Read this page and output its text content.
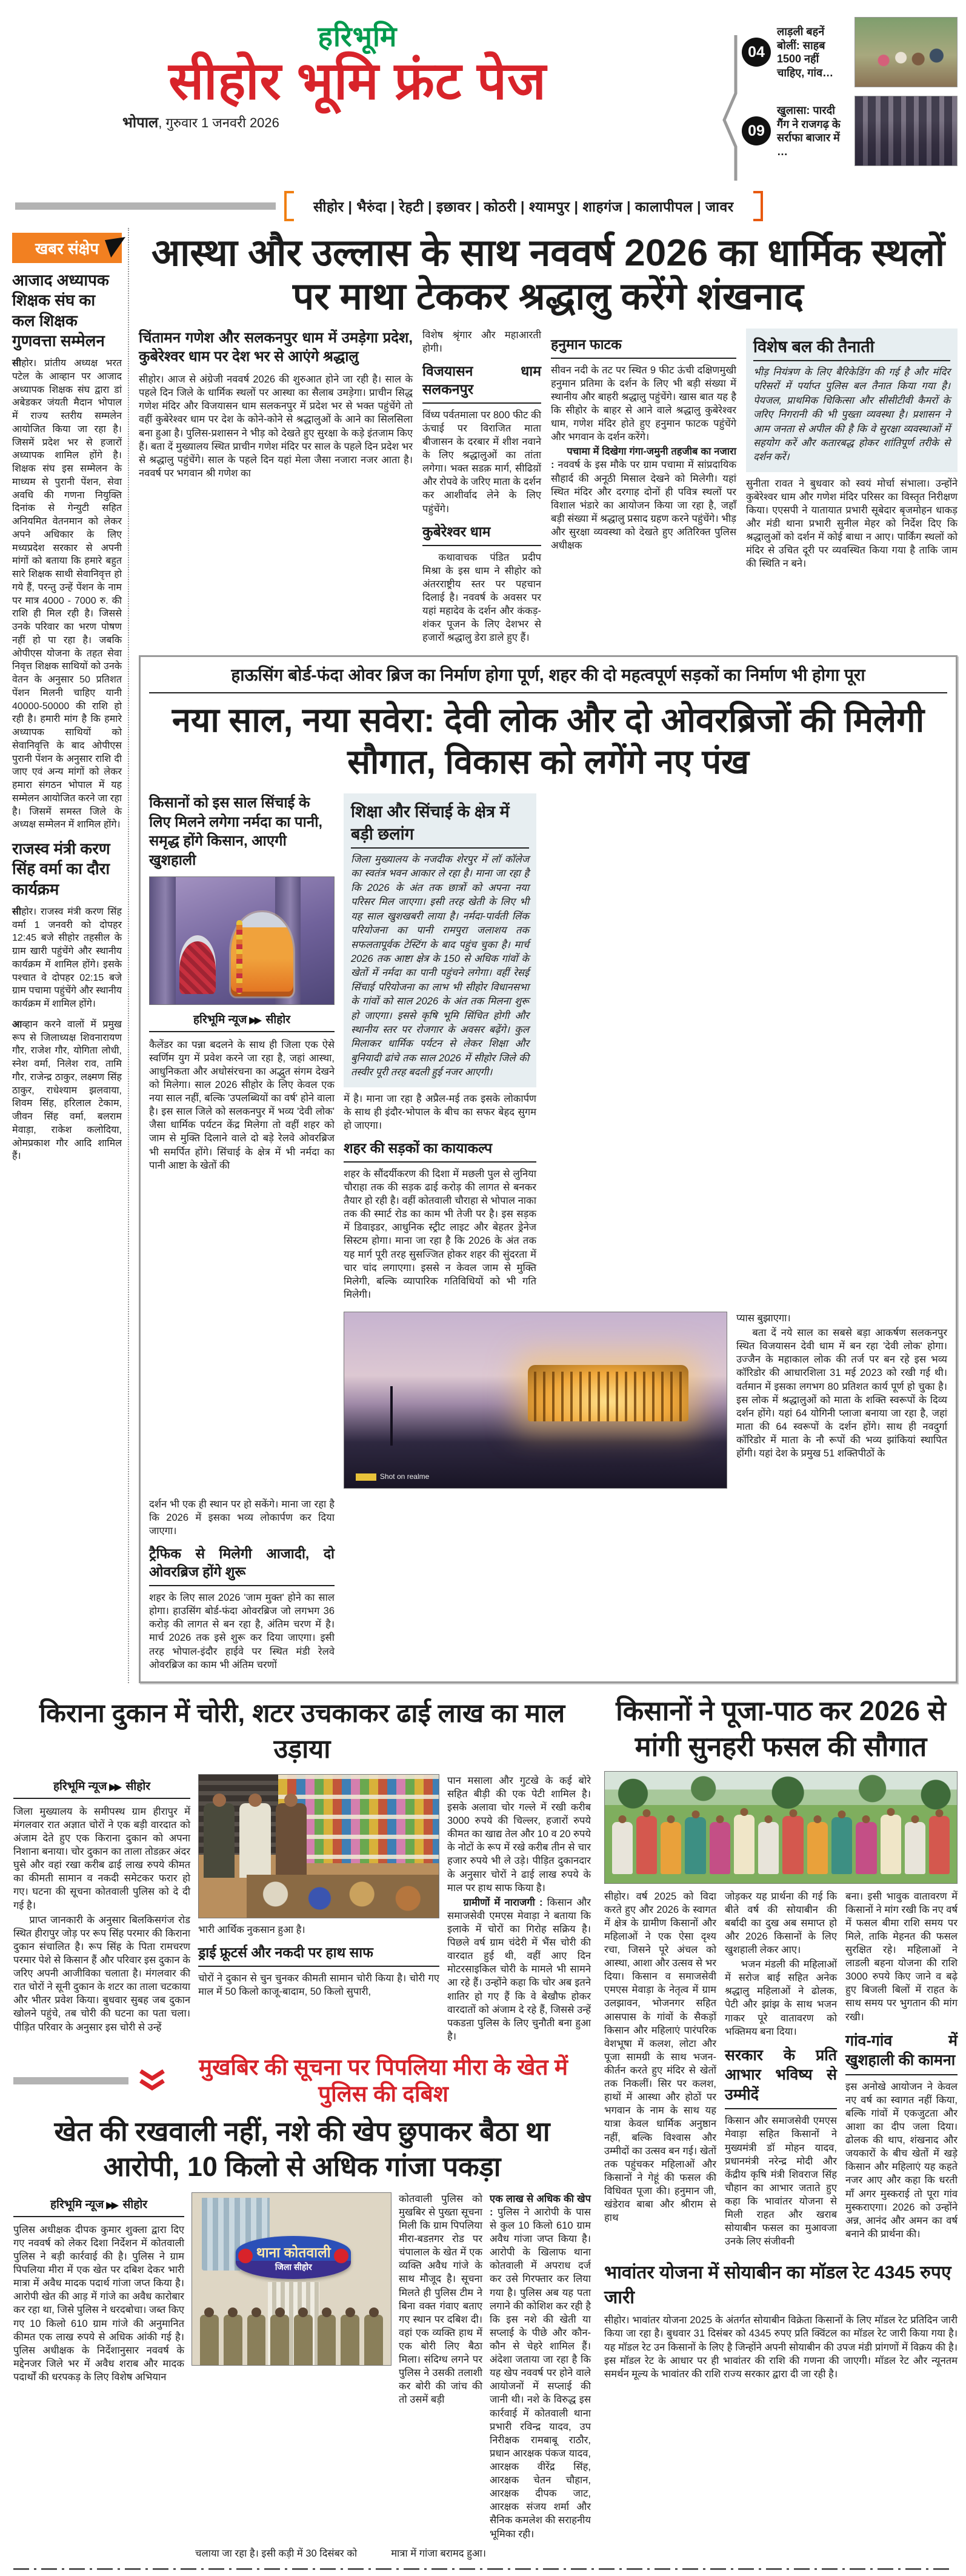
हरिभूमि
सीहोर भूमि फ्रंट पेज
भोपाल, गुरुवार 1 जनवरी 2026
04
लाड़ली बहनें बोलीं: साहब 1500 नहीं चाहिए, गांव…
09
खुलासा: पारदी गैंग ने राजगढ़ के सर्राफा बाजार में …
सीहोर | भैरुंदा | रेहटी | इछावर | कोठरी | श्यामपुर | शाहगंज | कालापीपल | जावर
खबर संक्षेप
आजाद अध्यापक शिक्षक संघ का कल शिक्षक गुणवत्ता सम्मेलन
सीहोर। प्रांतीय अध्यक्ष भरत पटेल के आव्हान पर आजाद अध्यापक शिक्षक संघ द्वारा डां अबेडकर जंयती मैदान भोपाल में राज्य स्तरीय सम्मलेन आयोजित किया जा रहा है। जिसमें प्रदेश भर से हजारों अध्यापक शामिल होंगे है। शिक्षक संघ इस सम्मेलन के माध्यम से पुरानी पेंशन, सेवा अवधि की गणना नियुक्ति दिनांक से गेन्युटी सहित अनियमित वेतनमान को लेकर अपने अधिकार के लिए मध्यप्रदेश सरकार से अपनी मांगों को बताया कि हमारे बहुत सारे शिक्षक साथी सेवानिवृत्त हो गये हैं, परन्तु उन्हें पेंशन के नाम पर मात्र 4000 - 7000 रु. की राशि ही मिल रही है। जिससे उनके परिवार का भरण पोषण नहीं हो पा रहा है। जबकि ओपीएस योजना के तहत सेवा निवृत्त शिक्षक साथियों को उनके वेतन के अनुसार 50 प्रतिशत पेंशन मिलनी चाहिए यानी 40000-50000 की राशि हो रही है। हमारी मांग है कि हमारे अध्यापक साथियों को सेवानिवृत्ति के बाद ओपीएस पुरानी पेंशन के अनुसार राशि दी जाए एवं अन्य मांगों को लेकर हमारा संगठन भोपाल में यह सम्मेलन आयोजित करने जा रहा है। जिसमें समस्त जिले के अध्यक्ष सम्मेलन में शामिल होंगे।
राजस्व मंत्री करण सिंह वर्मा का दौरा कार्यक्रम
सीहोर। राजस्व मंत्री करण सिंह वर्मा 1 जनवरी को दोपहर 12:45 बजे सीहोर तहसील के ग्राम खारी पहुंचेंगे और स्थानीय कार्यक्रम में शामिल होंगे। इसके पश्चात वे दोपहर 02:15 बजे ग्राम पचामा पहुंचेंगे और स्थानीय कार्यक्रम में शामिल होंगे।
आव्हान करने वालों में प्रमुख रूप से जिलाध्यक्ष शिवनारायण गौर, राजेश गौर, योगिता लोधी, स्नेश वर्मा, निलेश राव, तामि गौर, राजेन्द्र ठाकुर, लक्ष्मण सिंह ठाकुर, राधेश्याम झलवाया, शिवम सिंह, हरिलाल टेकाम, जीवन सिंह वर्मा, बलराम मेवाड़ा, राकेश कलोदिया, ओमप्रकाश गौर आदि शामिल हैं।
आस्था और उल्लास के साथ नववर्ष 2026 का धार्मिक स्थलों पर माथा टेककर श्रद्धालु करेंगे शंखनाद
चिंतामन गणेश और सलकनपुर धाम में उमड़ेगा प्रदेश, कुबेरेश्वर धाम पर देश भर से आएंगे श्रद्धालु

सीहोर। आज से अंग्रेजी नववर्ष 2026 की शुरुआत होने जा रही है। साल के पहले दिन जिले के धार्मिक स्थलों पर आस्था का सैलाब उमड़ेगा। प्राचीन सिद्ध गणेश मंदिर और विजयासन धाम सलकनपुर में प्रदेश भर से भक्त पहुंचेंगे तो वहीं कुबेरेश्वर धाम पर देश के कोने-कोने से श्रद्धालुओं के आने का सिलसिला बना हुआ है। पुलिस-प्रशासन ने भीड़ को देखते हुए सुरक्षा के कड़े इंतजाम किए हैं। बता दें मुख्यालय स्थित प्राचीन गणेश मंदिर पर साल के पहले दिन प्रदेश भर से श्रद्धालु पहुंचेंगे। साल के पहले दिन यहां मेला जैसा नजारा नजर आता है। नववर्ष पर भगवान श्री गणेश का

विशेष श्रृंगार और महाआरती होगी।

विजयासन धाम सलकनपुर

विंध्य पर्वतमाला पर 800 फीट की ऊंचाई पर विराजित माता बीजासन के दरबार में शीश नवाने के लिए श्रद्धालुओं का तांता लगेगा। भक्त सडक़ मार्ग, सीढिय़ों और रोपवे के जरिए माता के दर्शन कर आशीर्वाद लेने के लिए पहुंचेंगे।

कुबेरेश्वर धाम

कथावाचक पंडित प्रदीप मिश्रा के इस धाम ने सीहोर को अंतरराष्ट्रीय स्तर पर पहचान दिलाई है। नववर्ष के अवसर पर यहां महादेव के दर्शन और कंकड़-शंकर पूजन के लिए देशभर से हजारों श्रद्धालु डेरा डाले हुए हैं।

हनुमान फाटक

सीवन नदी के तट पर स्थित 9 फीट ऊंची दक्षिणमुखी हनुमान प्रतिमा के दर्शन के लिए भी बड़ी संख्या में स्थानीय और बाहरी श्रद्धालु पहुंचेंगे। खास बात यह है कि सीहोर के बाहर से आने वाले श्रद्धालु कुबेरेश्वर धाम, गणेश मंदिर होते हुए हनुमान फाटक पहुंचेंगे और भगवान के दर्शन करेंगे।

पचामा में दिखेगा गंगा-जमुनी तहजीब का नजारा : नववर्ष के इस मौके पर ग्राम पचामा में सांप्रदायिक सौहार्द की अनूठी मिसाल देखने को मिलेगी। यहां स्थित मंदिर और दरगाह दोनों ही पवित्र स्थलों पर विशाल भंडारे का आयोजन किया जा रहा है, जहाँ बड़ी संख्या में श्रद्धालु प्रसाद ग्रहण करने पहुंचेंगे। भीड़ और सुरक्षा व्यवस्था को देखते हुए अतिरिक्त पुलिस अधीक्षक

विशेष बल की तैनाती
भीड़ नियंत्रण के लिए बैरिकेडिंग की गई है और मंदिर परिसरों में पर्याप्त पुलिस बल तैनात किया गया है। पेयजल, प्राथमिक चिकित्सा और सीसीटीवी कैमरों के जरिए निगरानी की भी पुख्ता व्यवस्था है। प्रशासन ने आम जनता से अपील की है कि वे सुरक्षा व्यवस्थाओं में सहयोग करें और कतारबद्ध होकर शांतिपूर्ण तरीके से दर्शन करें।

सुनीता रावत ने बुधवार को स्वयं मोर्चा संभाला। उन्होंने कुबेरेश्वर धाम और गणेश मंदिर परिसर का विस्तृत निरीक्षण किया। एएसपी ने यातायात प्रभारी सूबेदार बृजमोहन धाकड़ और मंडी थाना प्रभारी सुनील मेहर को निर्देश दिए कि श्रद्धालुओं को दर्शन में कोई बाधा न आए। पार्किंग स्थलों को मंदिर से उचित दूरी पर व्यवस्थित किया गया है ताकि जाम की स्थिति न बने।

हाऊसिंग बोर्ड-फंदा ओवर ब्रिज का निर्माण होगा पूर्ण, शहर की दो महत्वपूर्ण सड़कों का निर्माण भी होगा पूरा
नया साल, नया सवेरा: देवी लोक और दो ओवरब्रिजों की मिलेगी सौगात, विकास को लगेंगे नए पंख
किसानों को इस साल सिंचाई के लिए मिलने लगेगा नर्मदा का पानी, समृद्ध होंगे किसान, आएगी खुशहाली
हरिभूमि न्यूज ▶▶ सीहोर

कैलेंडर का पन्ना बदलने के साथ ही जिला एक ऐसे स्वर्णिम युग में प्रवेश करने जा रहा है, जहां आस्था, आधुनिकता और अधोसंरचना का अद्भुत संगम देखने को मिलेगा। साल 2026 सीहोर के लिए केवल एक नया साल नहीं, बल्कि 'उपलब्धियों का वर्ष' होने वाला है। इस साल जिले को सलकनपुर में भव्य 'देवी लोक' जैसा धार्मिक पर्यटन केंद्र मिलेगा तो वहीं शहर को जाम से मुक्ति दिलाने वाले दो बड़े रेलवे ओवरब्रिज भी समर्पित होंगे। सिंचाई के क्षेत्र में भी नर्मदा का पानी आष्टा के खेतों की

Shot on realme

प्यास बुझाएगा।

बता दें नये साल का सबसे बड़ा आकर्षण सलकनपुर स्थित विजयासन देवी धाम में बन रहा 'देवी लोक' होगा। उज्जैन के महाकाल लोक की तर्ज पर बन रहे इस भव्य कॉरिडोर की आधारशिला 31 मई 2023 को रखी गई थी। वर्तमान में इसका लगभग 80 प्रतिशत कार्य पूर्ण हो चुका है। इस लोक में श्रद्धालुओं को माता के शक्ति स्वरूपों के दिव्य दर्शन होंगे। यहां 64 योगिनी प्लाजा बनाया जा रहा है, जहां माता की 64 स्वरूपों के दर्शन होंगे। साथ ही नवदुर्गा कॉरिडोर में माता के नौ रूपों की भव्य झांकियां स्थापित होंगी। यहां देश के प्रमुख 51 शक्तिपीठों के

दर्शन भी एक ही स्थान पर हो सकेंगे। माना जा रहा है कि 2026 में इसका भव्य लोकार्पण कर दिया जाएगा।

ट्रैफिक से मिलेगी आजादी, दो ओवरब्रिज होंगे शुरू

शहर के लिए साल 2026 'जाम मुक्त' होने का साल होगा। हाउसिंग बोर्ड-फंदा ओवरब्रिज जो लगभग 36 करोड़ की लागत से बन रहा है, अंतिम चरण में है। मार्च 2026 तक इसे शुरू कर दिया जाएगा। इसी तरह भोपाल-इंदौर हाईवे पर स्थित मंडी रेलवे ओवरब्रिज का काम भी अंतिम चरणों

शिक्षा और सिंचाई के क्षेत्र में बड़ी छलांग
जिला मुख्यालय के नजदीक शेरपुर में लॉ कॉलेज का स्वतंत्र भवन आकार ले रहा है। माना जा रहा है कि 2026 के अंत तक छात्रों को अपना नया परिसर मिल जाएगा। इसी तरह खेती के लिए भी यह साल खुशखबरी लाया है। नर्मदा-पार्वती लिंक परियोजना का पानी रामपुरा जलाशय तक सफलतापूर्वक टेस्टिंग के बाद पहुंच चुका है। मार्च 2026 तक आष्टा क्षेत्र के 150 से अधिक गांवों के खेतों में नर्मदा का पानी पहुंचने लगेगा। वहीं रेसई सिंचाई परियोजना का लाभ भी सीहोर विधानसभा के गांवों को साल 2026 के अंत तक मिलना शुरू हो जाएगा। इससे कृषि भूमि सिंचित होगी और स्थानीय स्तर पर रोजगार के अवसर बढ़ेंगे। कुल मिलाकर धार्मिक पर्यटन से लेकर शिक्षा और बुनियादी ढांचे तक साल 2026 में सीहोर जिले की तस्वीर पूरी तरह बदली हुई नजर आएगी।

में है। माना जा रहा है अप्रैल-मई तक इसके लोकार्पण के साथ ही इंदौर-भोपाल के बीच का सफर बेहद सुगम हो जाएगा।

शहर की सड़कों का कायाकल्प

शहर के सौंदर्यीकरण की दिशा में मछली पुल से लुनिया चौराहा तक की सड़क ढाई करोड़ की लागत से बनकर तैयार हो रही है। वहीं कोतवाली चौराहा से भोपाल नाका तक की स्मार्ट रोड का काम भी तेजी पर है। इस सड़क में डिवाइडर, आधुनिक स्ट्रीट लाइट और बेहतर ड्रेनेज सिस्टम होगा। माना जा रहा है कि 2026 के अंत तक यह मार्ग पूरी तरह सुसज्जित होकर शहर की सुंदरता में चार चांद लगाएगा। इससे न केवल जाम से मुक्ति मिलेगी, बल्कि व्यापारिक गतिविधियों को भी गति मिलेगी।

किराना दुकान में चोरी, शटर उचकाकर ढाई लाख का माल उड़ाया
हरिभूमि न्यूज ▶▶ सीहोर

जिला मुख्यालय के समीपस्थ ग्राम हीरापुर में मंगलवार रात अज्ञात चोरों ने एक बड़ी वारदात को अंजाम देते हुए एक किराना दुकान को अपना निशाना बनाया। चोर दुकान का ताला तोडक़र अंदर घुसे और वहां रखा करीब ढाई लाख रुपये कीमत का कीमती सामान व नकदी समेटकर फरार हो गए। घटना की सूचना कोतवाली पुलिस को दे दी गई है।

प्राप्त जानकारी के अनुसार बिलकिसगंज रोड स्थित हीरापुर जोड़ पर रूप सिंह परमार की किराना दुकान संचालित है। रूप सिंह के पिता रामचरण परमार पेशे से किसान हैं और परिवार इस दुकान के जरिए अपनी आजीविका चलाता है। मंगलवार की रात चोरों ने सूनी दुकान के शटर का ताला चटकाया और भीतर प्रवेश किया। बुधवार सुबह जब दुकान खोलने पहुंचे, तब चोरी की घटना का पता चला। पीड़ित परिवार के अनुसार इस चोरी से उन्हें

भारी आर्थिक नुकसान हुआ है।

ड्राई फ्रूटर्स और नकदी पर हाथ साफ

चोरों ने दुकान से चुन चुनकर कीमती सामान चोरी किया है। चोरी गए माल में 50 किलो काजू-बादाम, 50 किलो सुपारी,

पान मसाला और गुटखे के कई बोरे सहित बीड़ी की एक पेटी शामिल है। इसके अलावा चोर गल्ले में रखी करीब 3000 रुपये की चिल्लर, हजारों रुपये कीमत का खाद्य तेल और 10 व 20 रुपये के नोटों के रूप में रखे करीब तीन से चार हजार रुपये भी ले उड़े। पीड़ित दुकानदार के अनुसार चोरों ने ढाई लाख रुपये के माल पर हाथ साफ किया है।

ग्रामीणों में नाराजगी : किसान और समाजसेवी एमएस मेवाड़ा ने बताया कि इलाके में चोरों का गिरोह सक्रिय है। पिछले वर्ष ग्राम चंदेरी में भैंस चोरी की वारदात हुई थी, वहीं आए दिन मोटरसाइकिल चोरी के मामले भी सामने आ रहे हैं। उन्होंने कहा कि चोर अब इतने शातिर हो गए हैं कि वे बेखौफ होकर वारदातों को अंजाम दे रहे हैं, जिससे उन्हें पकडऩा पुलिस के लिए चुनौती बना हुआ है।

मुखबिर की सूचना पर पिपलिया मीरा के खेत में पुलिस की दबिश
खेत की रखवाली नहीं, नशे की खेप छुपाकर बैठा था आरोपी, 10 किलो से अधिक गांजा पकड़ा
हरिभूमि न्यूज ▶▶ सीहोर

पुलिस अधीक्षक दीपक कुमार शुक्ला द्वारा दिए गए नववर्ष को लेकर दिशा निर्देशन में कोतवाली पुलिस ने बड़ी कार्रवाई की है। पुलिस ने ग्राम पिपलिया मीरा में एक खेत पर दबिश देकर भारी मात्रा में अवैध मादक पदार्थ गांजा जप्त किया है। आरोपी खेत की आड़ में गांजे का अवैध कारोबार कर रहा था, जिसे पुलिस ने धरदबोचा। जब्त किए गए 10 किलो 610 ग्राम गांजे की अनुमानित कीमत एक लाख रुपये से अधिक आंकी गई है। पुलिस अधीक्षक के निर्देशानुसार नववर्ष के मद्देनजर जिले भर में अवैध शराब और मादक पदार्थों की धरपकड़ के लिए विशेष अभियान

थाना कोतवाली
जिला सीहोर

कोतवाली पुलिस को मुखबिर से पुख्ता सूचना मिली कि ग्राम पिपलिया मीरा-बडऩगर रोड पर चंपालाल के खेत में एक व्यक्ति अवैध गांजे के साथ मौजूद है। सूचना मिलते ही पुलिस टीम ने बिना वक्त गंवाए बताए गए स्थान पर दबिश दी। वहां एक व्यक्ति हाथ में एक बोरी लिए बैठा मिला। संदिग्ध लगने पर पुलिस ने उसकी तलाशी कर बोरी की जांच की तो उसमें बड़ी

एक लाख से अधिक की खेप : पुलिस ने आरोपी के पास से कुल 10 किलो 610 ग्राम अवैध गांजा जप्त किया है। आरोपी के खिलाफ थाना कोतवाली में अपराध दर्ज कर उसे गिरफ्तार कर लिया गया है। पुलिस अब यह पता लगाने की कोशिश कर रही है कि इस नशे की खेती या सप्लाई के पीछे और कौन-कौन से चेहरे शामिल हैं। अंदेशा जताया जा रहा है कि यह खेप नववर्ष पर होने वाले आयोजनों में सप्लाई की जानी थी। नशे के विरुद्ध इस कार्रवाई में कोतवाली थाना प्रभारी रविन्द्र यादव, उप निरीक्षक रामबाबू राठौर, प्रधान आरक्षक पंकज यादव, आरक्षक वीरेंद्र सिंह, आरक्षक चेतन चौहान, आरक्षक दीपक जाट, आरक्षक संजय शर्मा और सैनिक कमलेश की सराहनीय भूमिका रही।

चलाया जा रहा है। इसी कड़ी में 30 दिसंबर को	मात्रा में गांजा बरामद हुआ।
किसानों ने पूजा-पाठ कर 2026 से मांगी सुनहरी फसल की सौगात

सीहोर। वर्ष 2025 को विदा करते हुए और 2026 के स्वागत में क्षेत्र के ग्रामीण किसानों और महिलाओं ने एक ऐसा दृश्य रचा, जिसने पूरे अंचल को आस्था, आशा और उत्सव से भर दिया। किसान व समाजसेवी एमएस मेवाड़ा के नेतृत्व में ग्राम उलझावन, भोजनगर सहित आसपास के गांवों के सैकड़ों किसान और महिलाएं पारंपरिक वेशभूषा में कलश, लोटा और पूजा सामग्री के साथ भजन-कीर्तन करते हुए मंदिर से खेतों तक निकलीं। सिर पर कलश, हाथों में आस्था और होठों पर भगवान के नाम के साथ यह यात्रा केवल धार्मिक अनुष्ठान नहीं, बल्कि विश्वास और उम्मीदों का उत्सव बन गई। खेतों तक पहुंचकर महिलाओं और किसानों ने गेहूं की फसल की विधिवत पूजा की। हनुमान जी, खंडेराव बाबा और श्रीराम से हाथ

जोड़कर यह प्रार्थना की गई कि बीते वर्ष की सोयाबीन की बर्बादी का दुख अब समाप्त हो और 2026 किसानों के लिए खुशहाली लेकर आए।

भजन मंडली की महिलाओं में सरोज बाई सहित अनेक श्रद्धालु महिलाओं ने ढोलक, पेटी और झांझ के साथ भजन गाकर पूरे वातावरण को भक्तिमय बना दिया।

सरकार के प्रति आभार भविष्य से उम्मीदें

किसान और समाजसेवी एमएस मेवाड़ा सहित किसानों ने मुख्यमंत्री डॉ मोहन यादव, प्रधानमंत्री नरेन्द्र मोदी और केंद्रीय कृषि मंत्री शिवराज सिंह चौहान का आभार जताते हुए कहा कि भावांतर योजना से मिली राहत और खराब सोयाबीन फसल का मुआवजा उनके लिए संजीवनी

बना। इसी भावुक वातावरण में किसानों ने मांग रखी कि नए वर्ष में फसल बीमा राशि समय पर मिले, ताकि मेहनत की फसल सुरक्षित रहे। महिलाओं ने लाडली बहना योजना की राशि 3000 रुपये किए जाने व बढ़े हुए बिजली बिलों में राहत के साथ समय पर भुगतान की मांग रखी।

गांव-गांव में खुशहाली की कामना

इस अनोखे आयोजन ने केवल नए वर्ष का स्वागत नहीं किया, बल्कि गांवों में एकजुटता और आशा का दीप जला दिया। ढोलक की थाप, शंखनाद और जयकारों के बीच खेतों में खड़े किसान और महिलाएं यह कहते नजर आए और कहा कि धरती माँ अगर मुस्कराई तो पूरा गांव मुस्कराएगा। 2026 को उन्होंने अन्न, आनंद और अमन का वर्ष बनाने की प्रार्थना की।

भावांतर योजना में सोयाबीन का मॉडल रेट 4345 रुपए जारी
सीहोर। भावांतर योजना 2025 के अंतर्गत सोयाबीन विक्रेता किसानों के लिए मॉडल रेट प्रतिदिन जारी किया जा रहा है। बुधवार 31 दिसंबर को 4345 रुपए प्रति क्विंटल का मॉडल रेट जारी किया गया है। यह मॉडल रेट उन किसानों के लिए है जिन्होंने अपनी सोयाबीन की उपज मंडी प्रांगणों में विक्रय की है। इस मॉडल रेट के आधार पर ही भावांतर की राशि की गणना की जाएगी। मॉडल रेट और न्यूनतम समर्थन मूल्य के भावांतर की राशि राज्य सरकार द्वारा दी जा रही है।
